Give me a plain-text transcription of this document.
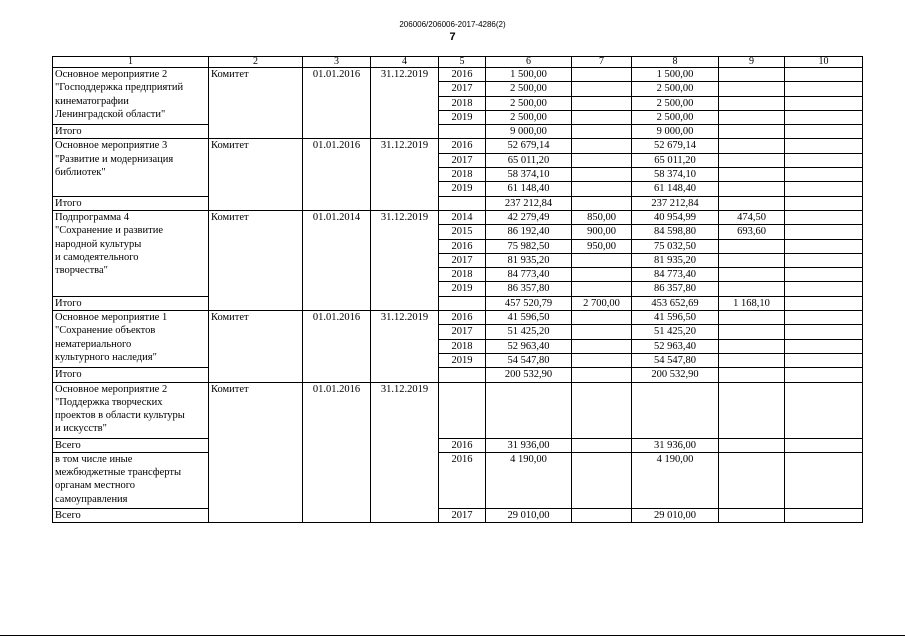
206006/206006-2017-4286(2)
7
1	2	3	4	5	6	7	8	9	10

Основное мероприятие 2
"Господдержка предприятий
кинематографии
Ленинградской области"	Комитет	01.01.2016	31.12.2019	2016	1 500,00		1 500,00		
				2017	2 500,00		2 500,00		
				2018	2 500,00		2 500,00		
				2019	2 500,00		2 500,00		
Итого					9 000,00		9 000,00		

Основное мероприятие 3
"Развитие и модернизация
библиотек"	Комитет	01.01.2016	31.12.2019	2016	52 679,14		52 679,14		
				2017	65 011,20		65 011,20		
				2018	58 374,10		58 374,10		
				2019	61 148,40		61 148,40		
Итого					237 212,84		237 212,84		

Подпрограмма 4
"Сохранение и развитие
народной культуры
и самодеятельного
творчества"	Комитет	01.01.2014	31.12.2019	2014	42 279,49	850,00	40 954,99	474,50	
				2015	86 192,40	900,00	84 598,80	693,60	
				2016	75 982,50	950,00	75 032,50		
				2017	81 935,20		81 935,20		
				2018	84 773,40		84 773,40		
				2019	86 357,80		86 357,80		
Итого					457 520,79	2 700,00	453 652,69	1 168,10	

Основное мероприятие 1
"Сохранение объектов
нематериального
культурного наследия"	Комитет	01.01.2016	31.12.2019	2016	41 596,50		41 596,50		
				2017	51 425,20		51 425,20		
				2018	52 963,40		52 963,40		
				2019	54 547,80		54 547,80		
Итого					200 532,90		200 532,90		

Основное мероприятие 2
"Поддержка творческих
проектов в области культуры
и искусств"	Комитет	01.01.2016	31.12.2019						
Всего				2016	31 936,00		31 936,00		

в том числе иные
межбюджетные трансферты
органам местного
самоуправления				2016	4 190,00		4 190,00		
Всего				2017	29 010,00		29 010,00		
